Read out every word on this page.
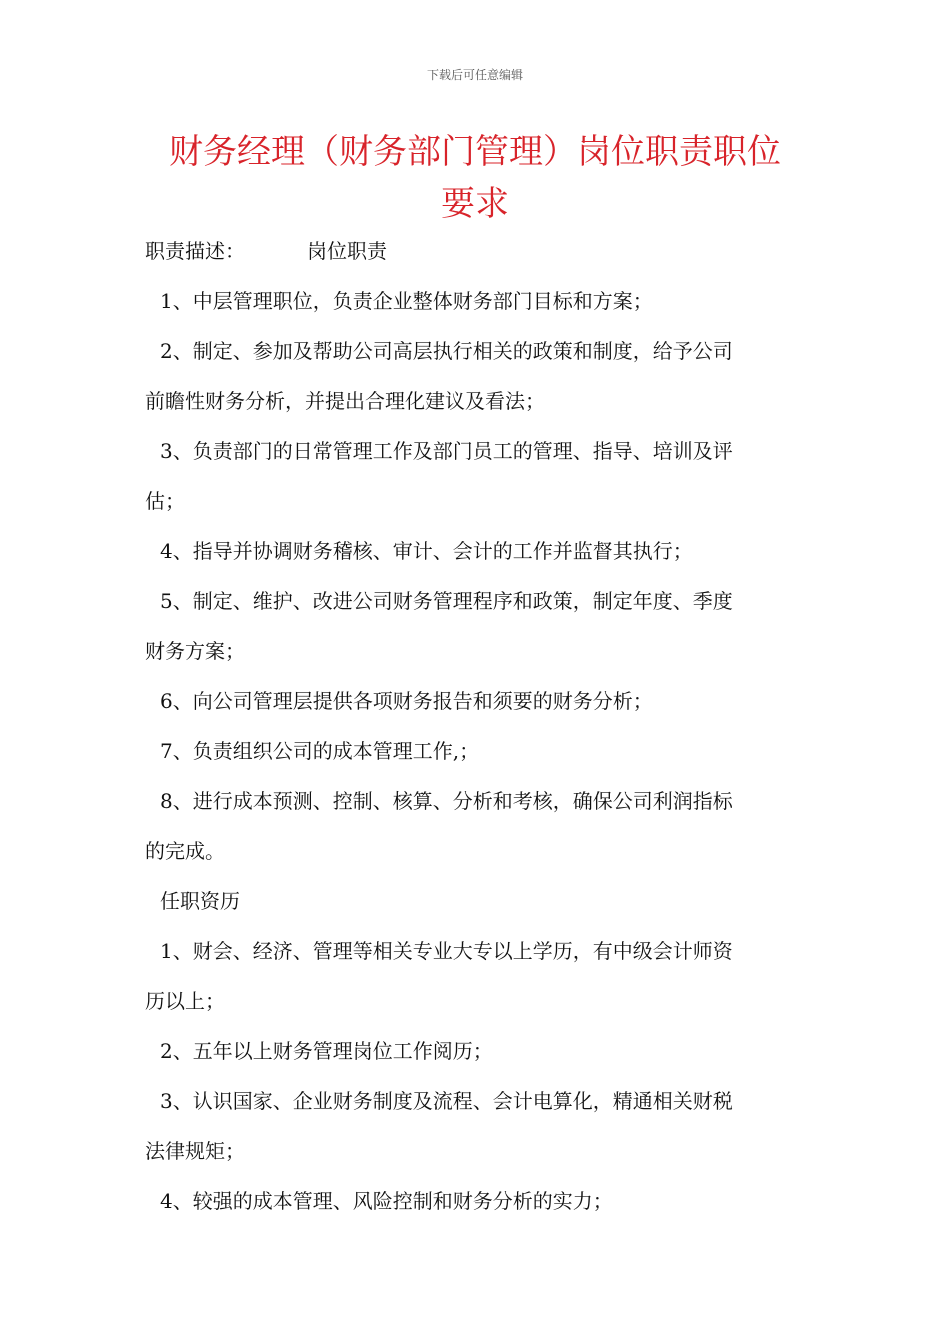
下载后可任意编辑
财务经理（财务部门管理）岗位职责职位
要求
职责描述：	岗位职责
1、中层管理职位，负责企业整体财务部门目标和方案；
2、制定、参加及帮助公司高层执行相关的政策和制度，给予公司
前瞻性财务分析，并提出合理化建议及看法；
3、负责部门的日常管理工作及部门员工的管理、指导、培训及评
估；
4、指导并协调财务稽核、审计、会计的工作并监督其执行；
5、制定、维护、改进公司财务管理程序和政策，制定年度、季度
财务方案；
6、向公司管理层提供各项财务报告和须要的财务分析；
7、负责组织公司的成本管理工作,；
8、进行成本预测、控制、核算、分析和考核，确保公司利润指标
的完成。
任职资历
1、财会、经济、管理等相关专业大专以上学历，有中级会计师资
历以上；
2、五年以上财务管理岗位工作阅历；
3、认识国家、企业财务制度及流程、会计电算化，精通相关财税
法律规矩；
4、较强的成本管理、风险控制和财务分析的实力；
